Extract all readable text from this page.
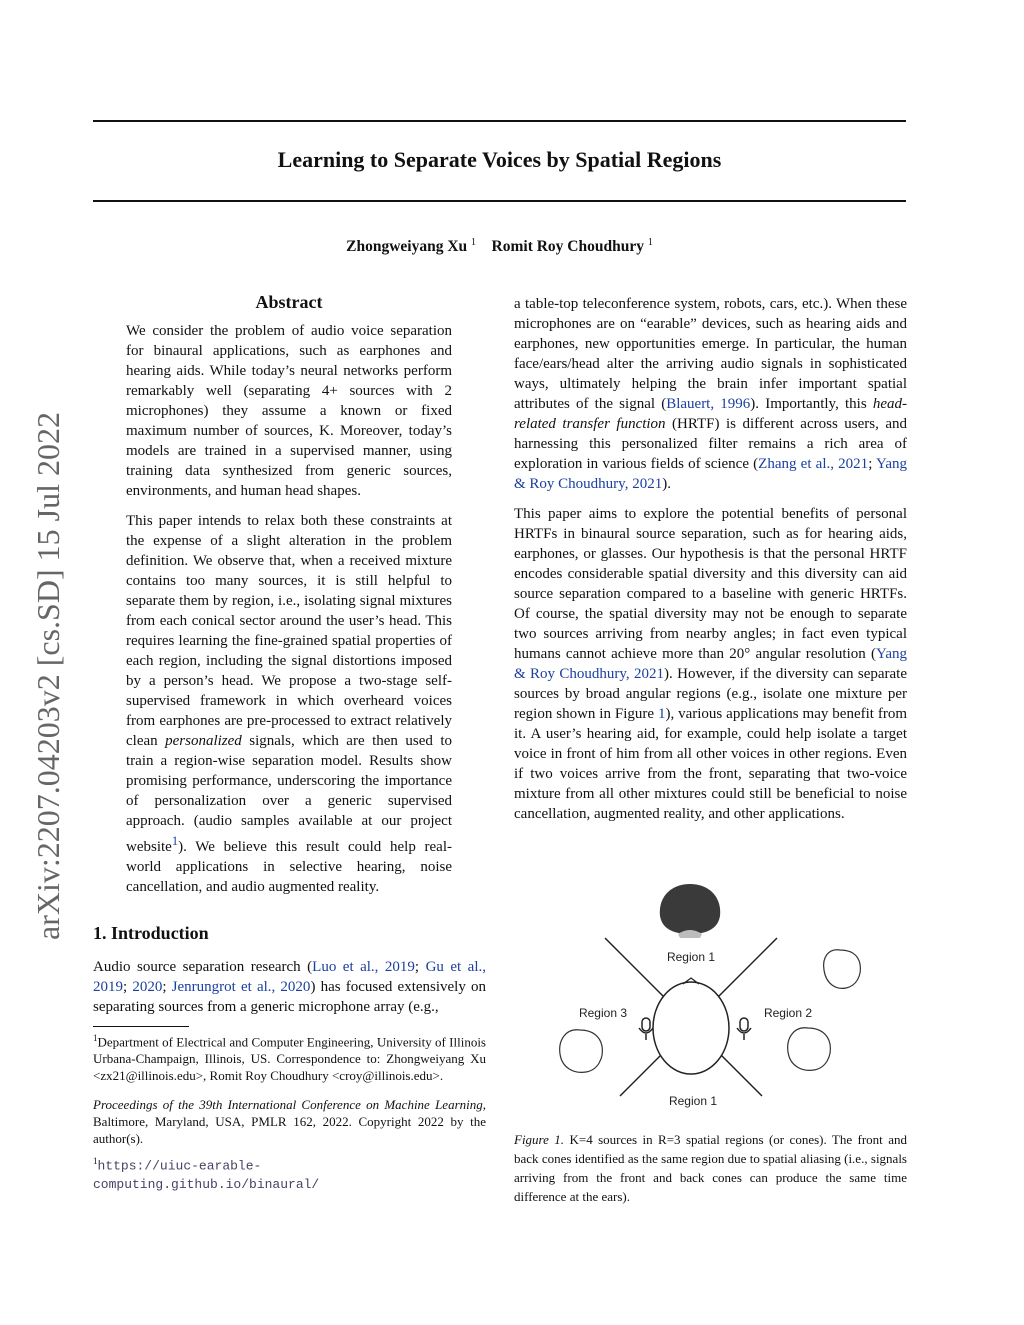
arXiv:2207.04203v2 [cs.SD] 15 Jul 2022
Learning to Separate Voices by Spatial Regions
Zhongweiyang Xu $^1$ Romit Roy Choudhury $^1$
Abstract

We consider the problem of audio voice separation for binaural applications, such as earphones and hearing aids. While today’s neural networks perform remarkably well (separating 4+ sources with 2 microphones) they assume a known or fixed maximum number of sources, K. Moreover, today’s models are trained in a supervised manner, using training data synthesized from generic sources, environments, and human head shapes.

This paper intends to relax both these constraints at the expense of a slight alteration in the problem definition. We observe that, when a received mixture contains too many sources, it is still helpful to separate them by region, i.e., isolating signal mixtures from each conical sector around the user’s head. This requires learning the fine-grained spatial properties of each region, including the signal distortions imposed by a person’s head. We propose a two-stage self-supervised framework in which overheard voices from earphones are pre-processed to extract relatively clean personalized signals, which are then used to train a region-wise separation model. Results show promising performance, underscoring the importance of personalization over a generic supervised approach. (audio samples available at our project website$^1$). We believe this result could help real-world applications in selective hearing, noise cancellation, and audio augmented reality.

1. Introduction

Audio source separation research (Luo et al., 2019; Gu et al., 2019; 2020; Jenrungrot et al., 2020) has focused extensively on separating sources from a generic microphone array (e.g.,

$^1$Department of Electrical and Computer Engineering, University of Illinois Urbana-Champaign, Illinois, US. Correspondence to: Zhongweiyang Xu <zx21@illinois.edu>, Romit Roy Choudhury <croy@illinois.edu>.

Proceedings of the 39th International Conference on Machine Learning, Baltimore, Maryland, USA, PMLR 162, 2022. Copyright 2022 by the author(s).

$^1$https://uiuc-earable-computing.github.io/binaural/

a table-top teleconference system, robots, cars, etc.). When these microphones are on “earable” devices, such as hearing aids and earphones, new opportunities emerge. In particular, the human face/ears/head alter the arriving audio signals in sophisticated ways, ultimately helping the brain infer important spatial attributes of the signal (Blauert, 1996). Importantly, this head-related transfer function (HRTF) is different across users, and harnessing this personalized filter remains a rich area of exploration in various fields of science (Zhang et al., 2021; Yang & Roy Choudhury, 2021).

This paper aims to explore the potential benefits of personal HRTFs in binaural source separation, such as for hearing aids, earphones, or glasses. Our hypothesis is that the personal HRTF encodes considerable spatial diversity and this diversity can aid source separation compared to a baseline with generic HRTFs. Of course, the spatial diversity may not be enough to separate two sources arriving from nearby angles; in fact even typical humans cannot achieve more than 20° angular resolution (Yang & Roy Choudhury, 2021). However, if the diversity can separate sources by broad angular regions (e.g., isolate one mixture per region shown in Figure 1), various applications may benefit from it. A user’s hearing aid, for example, could help isolate a target voice in front of him from all other voices in other regions. Even if two voices arrive from the front, separating that two-voice mixture from all other mixtures could still be beneficial to noise cancellation, augmented reality, and other applications.

Region 1
Region 2
Region 3
Region 1
Figure 1. K=4 sources in R=3 spatial regions (or cones). The front and back cones identified as the same region due to spatial aliasing (i.e., signals arriving from the front and back cones can produce the same time difference at the ears).
